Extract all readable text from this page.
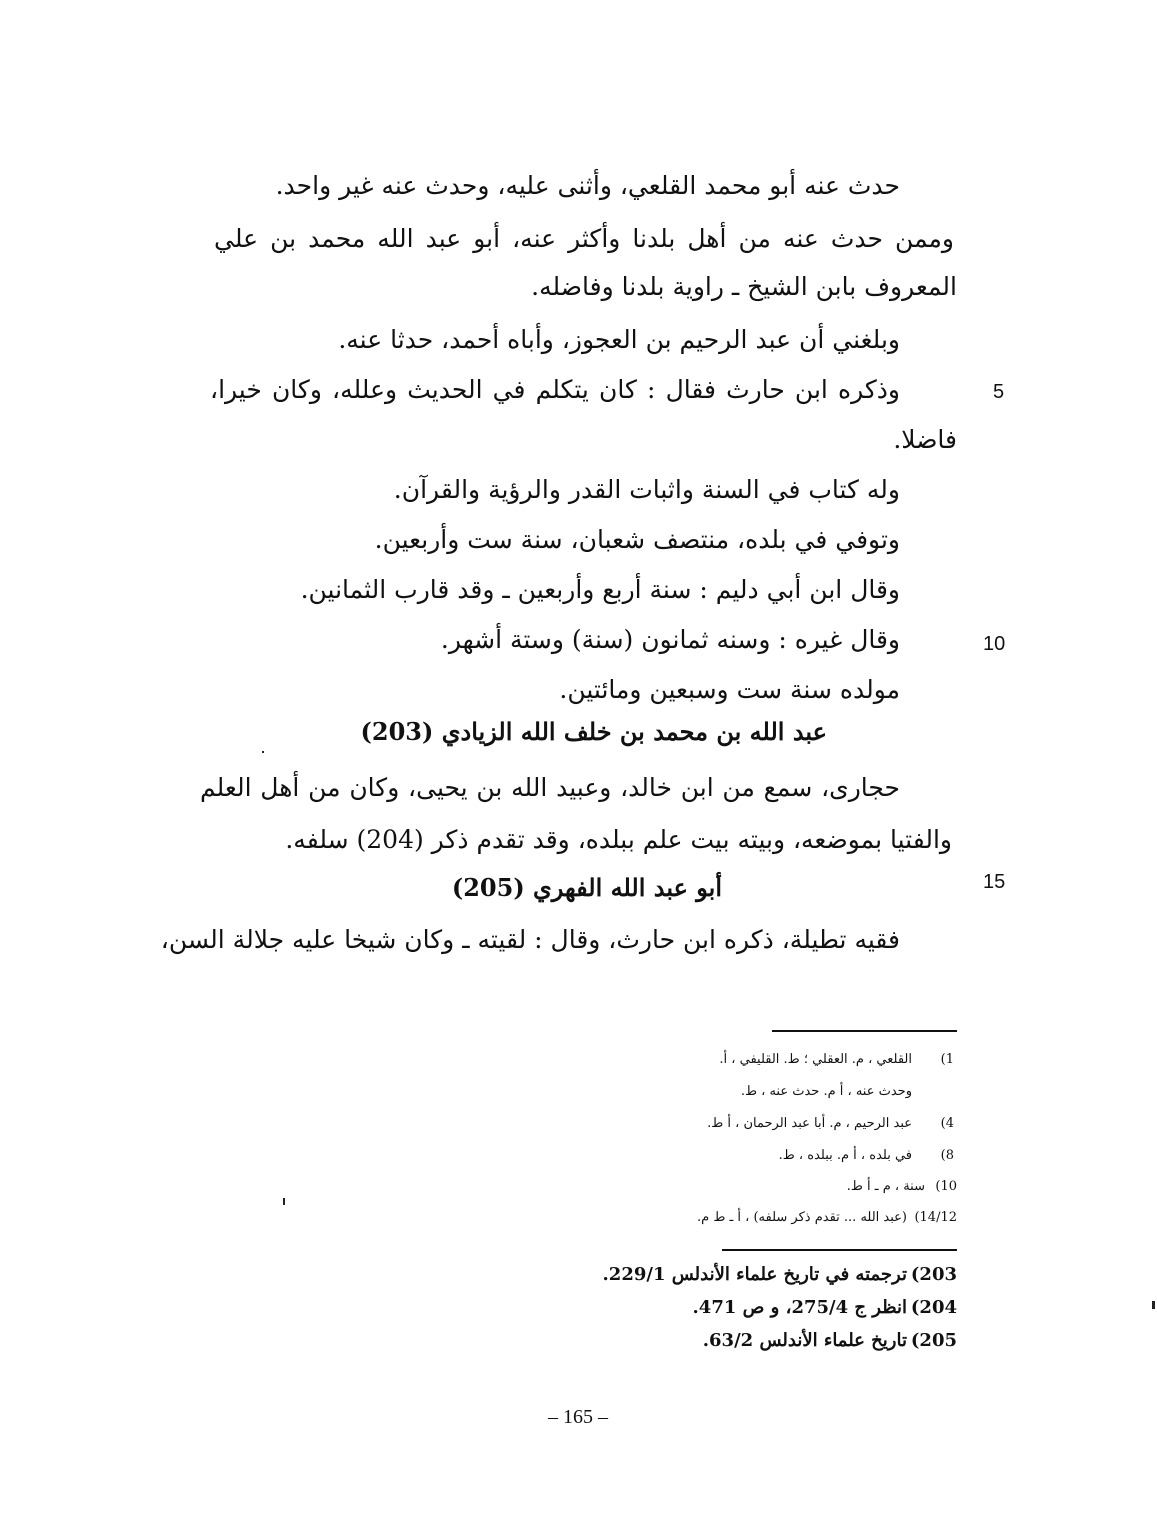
حدث عنه أبو محمد القلعي، وأثنى عليه، وحدث عنه غير واحد.
وممن حدث عنه من أهل بلدنا وأكثر عنه، أبو عبد الله محمد بن علي
المعروف بابن الشيخ ـ راوية بلدنا وفاضله.
وبلغني أن عبد الرحيم بن العجوز، وأباه أحمد، حدثا عنه.
وذكره ابن حارث فقال : كان يتكلم في الحديث وعلله، وكان خيرا،
فاضلا.
وله كتاب في السنة واثبات القدر والرؤية والقرآن.
وتوفي في بلده، منتصف شعبان، سنة ست وأربعين.
وقال ابن أبي دليم : سنة أربع وأربعين ـ وقد قارب الثمانين.
وقال غيره : وسنه ثمانون (سنة) وستة أشهر.
مولده سنة ست وسبعين ومائتين.
عبد الله بن محمد بن خلف الله الزيادي (203)
حجارى، سمع من ابن خالد، وعبيد الله بن يحيى، وكان من أهل العلم
والفتيا بموضعه، وبيته بيت علم ببلده، وقد تقدم ذكر (204) سلفه.
أبو عبد الله الفهري (205)
فقيه تطيلة، ذكره ابن حارث، وقال : لقيته ـ وكان شيخا عليه جلالة السن،
5
10
15
1)
القلعي ، م. العقلي ؛ ط. القليفي ، أ.
وحدث عنه ، أ م. حدث عنه ، ط.
4)
عبد الرحيم ، م. أبا عبد الرحمان ، أ ط.
8)
في بلده ، أ م. ببلده ، ط.
10)
سنة ، م ـ أ ط.
14/12)
(عبد الله ... تقدم ذكر سلفه) ، أ ـ ط م.
203)
ترجمته في تاريخ علماء الأندلس 229/1.
204)
انظر ج 275/4، و ص 471.
205)
تاريخ علماء الأندلس 63/2.
– 165 –
